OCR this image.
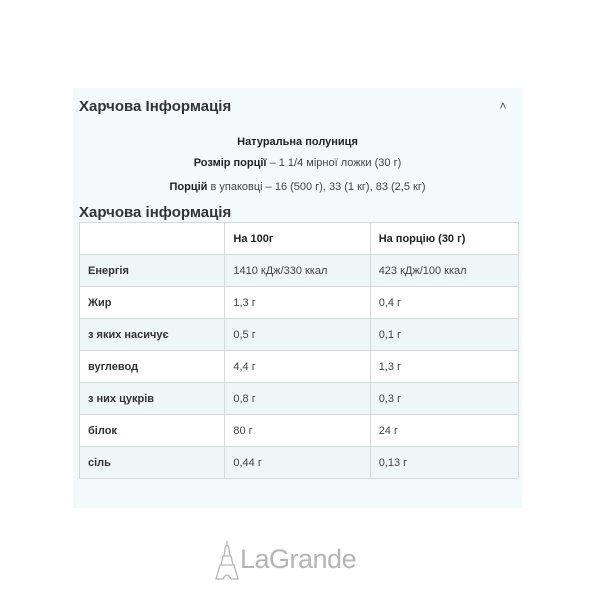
Харчова Інформація	˄
Натуральна полуниця
Розмір порції – 1 1/4 мірної ложки (30 г)
Порцій в упаковці – 16 (500 г), 33 (1 кг), 83 (2,5 кг)
Харчова інформація
	На 100г	На порцію (30 г)
Енергія	1410 кДж/330 ккал	423 кДж/100 ккал
Жир	1,3 г	0,4 г
з яких насичує	0,5 г	0,1 г
вуглевод	4,4 г	1,3 г
з них цукрів	0,8 г	0,3 г
білок	80 г	24 г
сіль	0,44 г	0,13 г
LaGrande
